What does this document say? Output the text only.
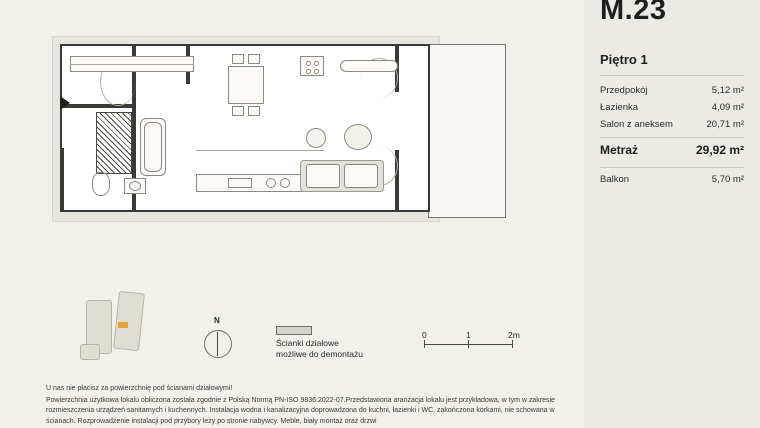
Ścianki działowe
możliwe do demontażu
N
0	1	2m
U nas nie płacisz za powierzchnię pod ścianami działowymi!
Powierzchnia użytkowa lokalu obliczona została zgodnie z Polską Normą PN-ISO 9836:2022-07.Przedstawiona aranżacja lokalu jest przykładowa, w tym w zakresie rozmieszczenia urządzeń sanitarnych i kuchennych. Instalacja wodna i kanalizacyjna doprowadzona do kuchni, łazienki i WC, zakończona korkami, nie schowana w ścianach. Rozprowadzenie instalacji pod przybory leży po stronie nabywcy. Meble, biały montaż oraz drzwi
M.23
Piętro 1
Przedpokój	5,12 m²
Łazienka	4,09 m²
Salon z aneksem	20,71 m²
Metraż	29,92 m²
Balkon	5,70 m²
